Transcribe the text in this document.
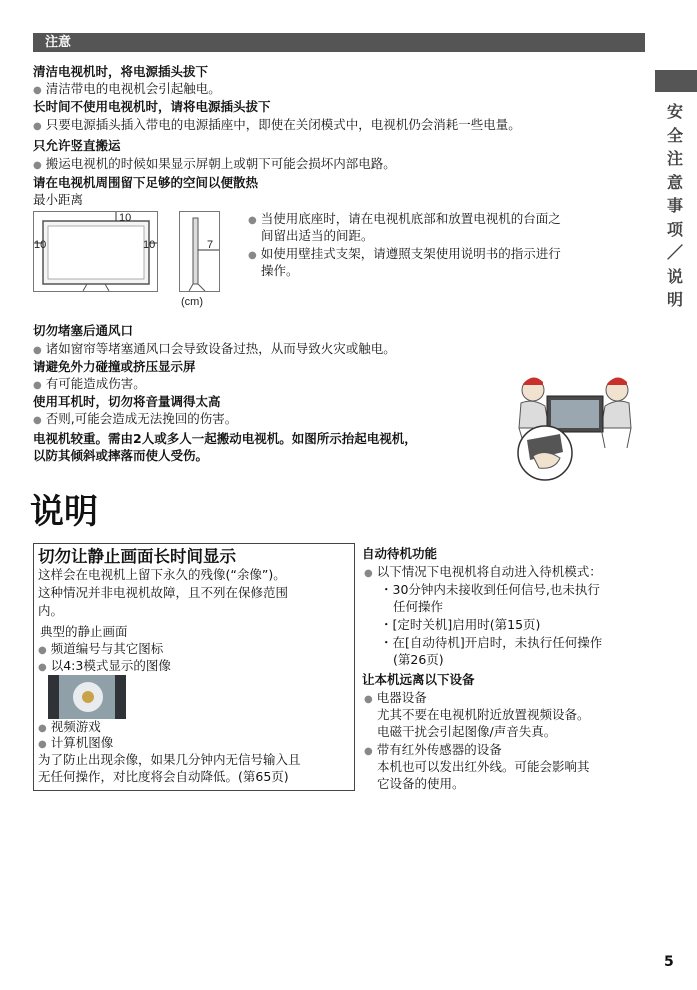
注意
安
全
注
意
事
项
／
说
明
清洁电视机时，将电源插头拔下
● 清洁带电的电视机会引起触电。
长时间不使用电视机时，请将电源插头拔下
● 只要电源插头插入带电的电源插座中，即使在关闭模式中，电视机仍会消耗一些电量。
只允许竖直搬运
● 搬运电视机的时候如果显示屏朝上或朝下可能会损坏内部电路。
请在电视机周围留下足够的空间以便散热
最小距离
10
10	10	7
(cm)
● 当使用底座时，请在电视机底部和放置电视机的台面之
间留出适当的间距。
● 如使用壁挂式支架，请遵照支架使用说明书的指示进行
操作。
切勿堵塞后通风口
● 诸如窗帘等堵塞通风口会导致设备过热，从而导致火灾或触电。
请避免外力碰撞或挤压显示屏
● 有可能造成伤害。
使用耳机时，切勿将音量调得太高
● 否则,可能会造成无法挽回的伤害。
电视机较重。需由2人或多人一起搬动电视机。如图所示抬起电视机，
以防其倾斜或摔落而使人受伤。
说明
切勿让静止画面长时间显示
这样会在电视机上留下永久的残像(“余像”)。
这种情况并非电视机故障，且不列在保修范围
内。
典型的静止画面
● 频道编号与其它图标
● 以4:3模式显示的图像
● 视频游戏
● 计算机图像
为了防止出现余像，如果几分钟内无信号输入且
无任何操作，对比度将会自动降低。(第65页)
自动待机功能
● 以下情况下电视机将自动进入待机模式：
・30分钟内未接收到任何信号,也未执行
任何操作
・[定时关机]启用时(第15页)
・在[自动待机]开启时，未执行任何操作
(第26页)
让本机远离以下设备
● 电器设备
尤其不要在电视机附近放置视频设备。
电磁干扰会引起图像/声音失真。
● 带有红外传感器的设备
本机也可以发出红外线。可能会影响其
它设备的使用。
5
